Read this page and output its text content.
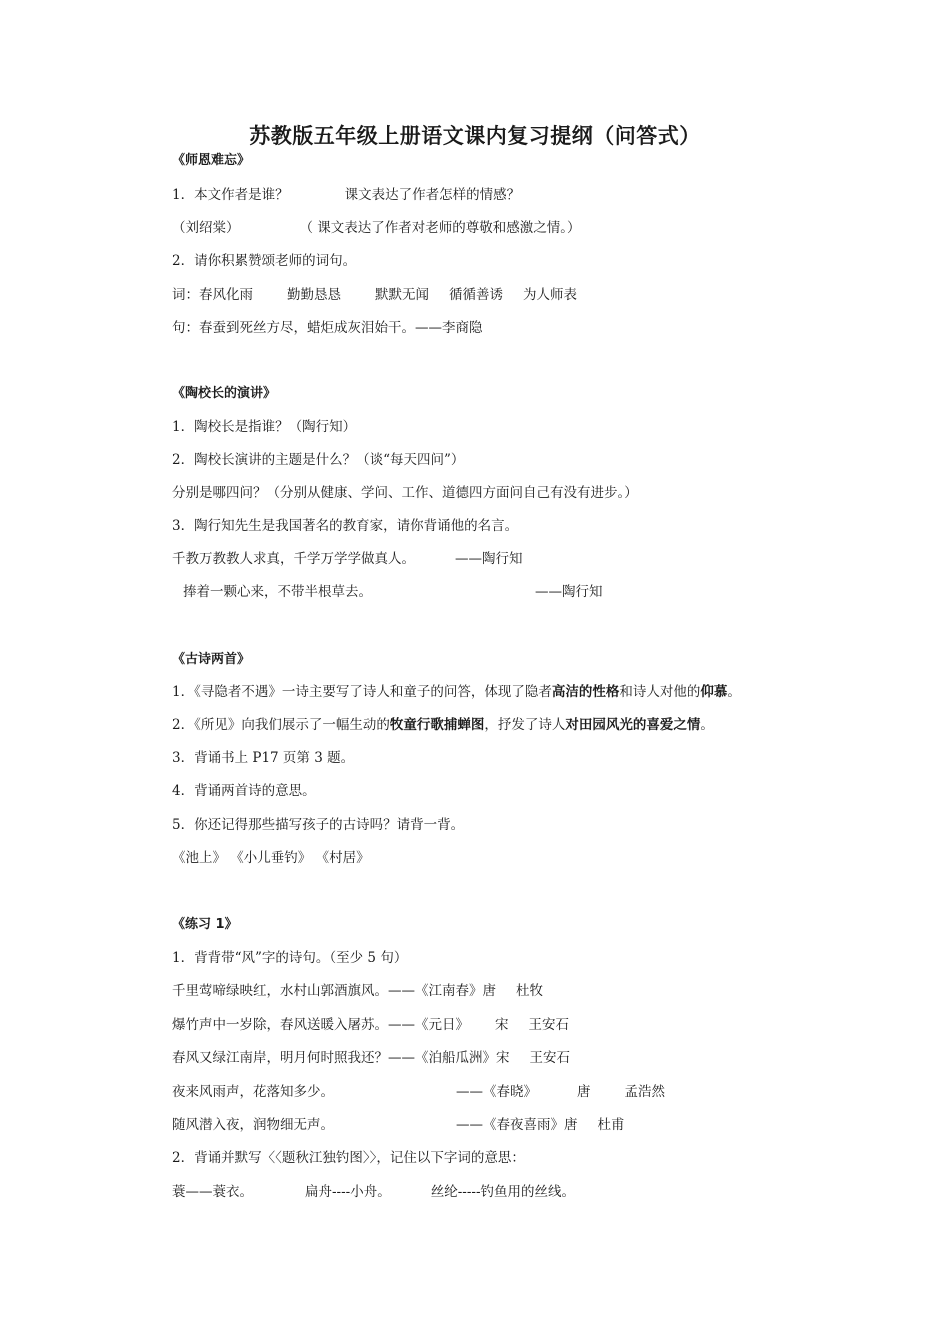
苏教版五年级上册语文课内复习提纲（问答式）
《师恩难忘》
1．本文作者是谁？	课文表达了作者怎样的情感？
（刘绍棠）	（ 课文表达了作者对老师的尊敬和感激之情。）
2．请你积累赞颂老师的词句。
词：春风化雨	勤勤恳恳	默默无闻 循循善诱 为人师表
句：春蚕到死丝方尽，蜡炬成灰泪始干。——李商隐
《陶校长的演讲》
1．陶校长是指谁？（陶行知）
2．陶校长演讲的主题是什么？（谈“每天四问”）
分别是哪四问？（分别从健康、学问、工作、道德四方面问自己有没有进步。）
3．陶行知先生是我国著名的教育家，请你背诵他的名言。
千教万教教人求真，千学万学学做真人。	——陶行知
捧着一颗心来，不带半根草去。	——陶行知
《古诗两首》
1．《寻隐者不遇》一诗主要写了诗人和童子的问答，体现了隐者高洁的性格和诗人对他的仰慕。
2．《所见》向我们展示了一幅生动的牧童行歌捕蝉图，抒发了诗人对田园风光的喜爱之情。
3．背诵书上 P17 页第 3 题。
4．背诵两首诗的意思。
5．你还记得那些描写孩子的古诗吗？请背一背。
《池上》 《小儿垂钓》 《村居》
《练习 1》
1．背背带“风”字的诗句。（至少 5 句）
千里莺啼绿映红，水村山郭酒旗风。——《江南春》唐 杜牧
爆竹声中一岁除，春风送暖入屠苏。——《元日》 宋 王安石
春风又绿江南岸，明月何时照我还？——《泊船瓜洲》宋 王安石
夜来风雨声，花落知多少。	——《春晓》	唐	孟浩然
随风潜入夜，润物细无声。	——《春夜喜雨》唐 杜甫
2．背诵并默写〈〈题秋江独钓图〉〉，记住以下字词的意思：
蓑——蓑衣。	扁舟----小舟。	丝纶-----钓鱼用的丝线。
